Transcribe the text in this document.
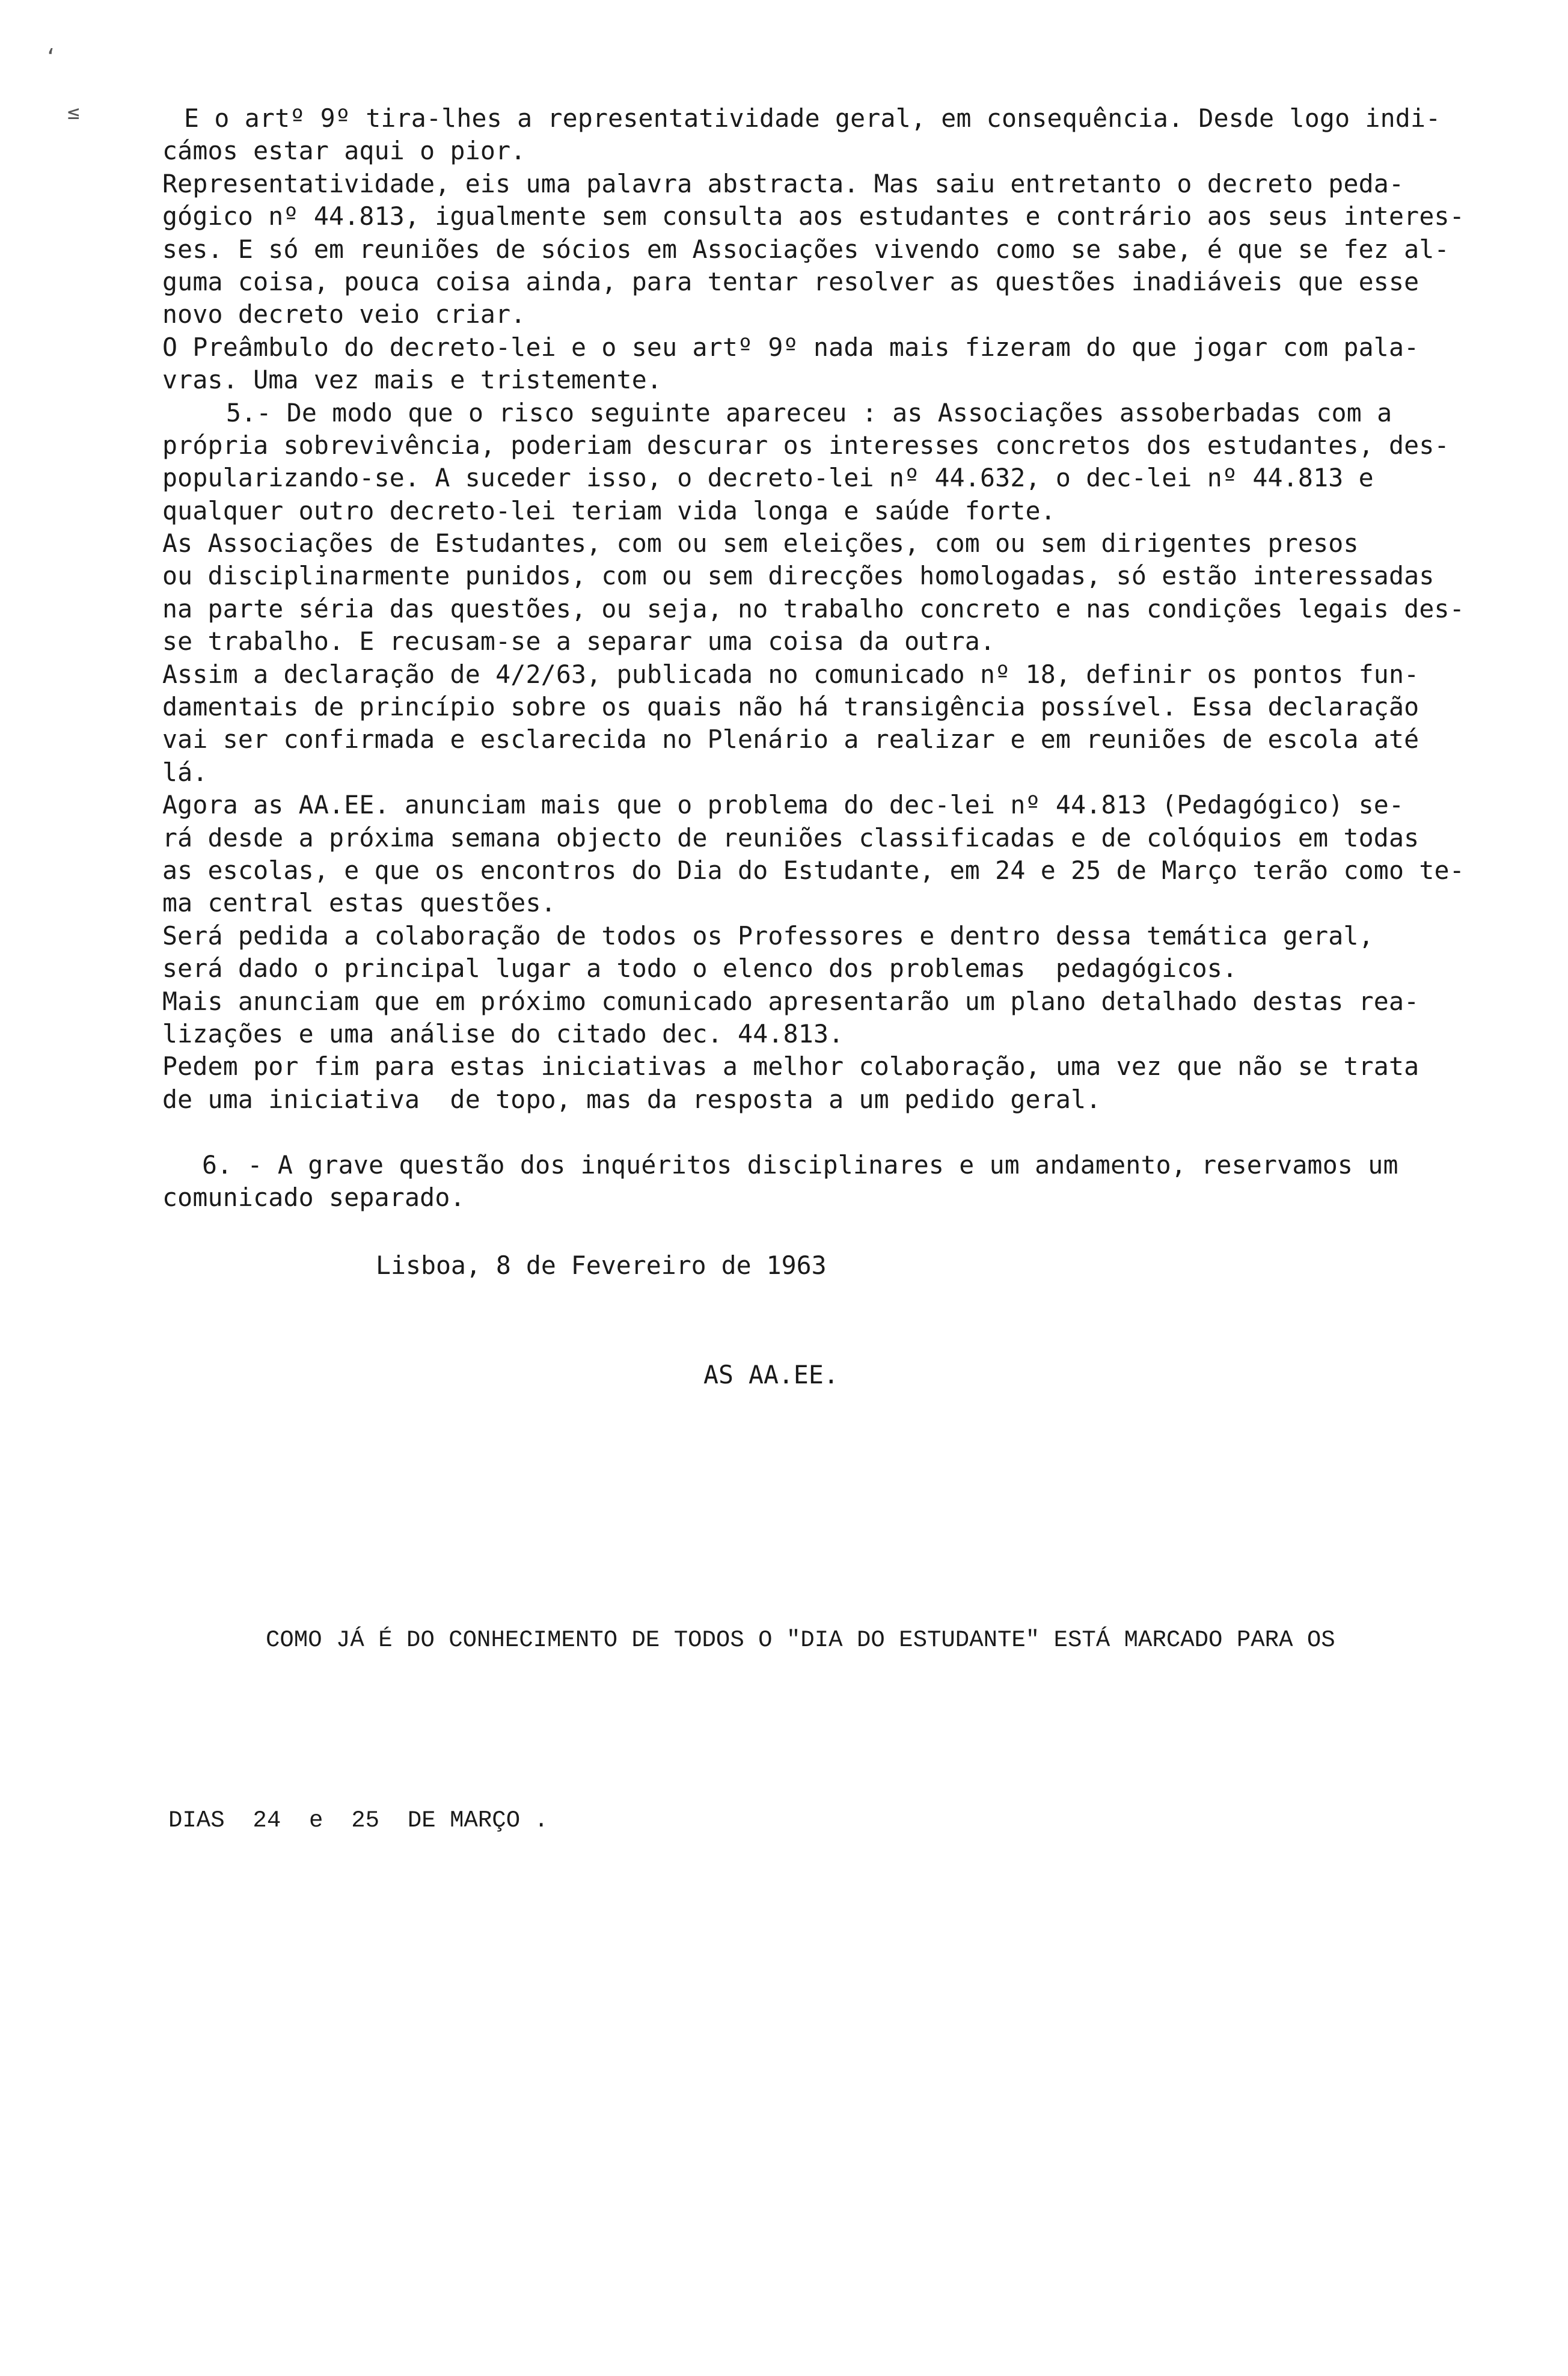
‘
≤	E o artº 9º tira-lhes a representatividade geral, em consequência. Desde logo indi-
cámos estar aqui o pior.
Representatividade, eis uma palavra abstracta. Mas saiu entretanto o decreto peda-
gógico nº 44.813, igualmente sem consulta aos estudantes e contrário aos seus interes-
ses. E só em reuniões de sócios em Associações vivendo como se sabe, é que se fez al-
guma coisa, pouca coisa ainda, para tentar resolver as questões inadiáveis que esse
novo decreto veio criar.
O Preâmbulo do decreto-lei e o seu artº 9º nada mais fizeram do que jogar com pala-
vras. Uma vez mais e tristemente.
5.- De modo que o risco seguinte apareceu : as Associações assoberbadas com a
própria sobrevivência, poderiam descurar os interesses concretos dos estudantes, des-
popularizando-se. A suceder isso, o decreto-lei nº 44.632, o dec-lei nº 44.813 e
qualquer outro decreto-lei teriam vida longa e saúde forte.
As Associações de Estudantes, com ou sem eleições, com ou sem dirigentes presos
ou disciplinarmente punidos, com ou sem direcções homologadas, só estão interessadas
na parte séria das questões, ou seja, no trabalho concreto e nas condições legais des-
se trabalho. E recusam-se a separar uma coisa da outra.
Assim a declaração de 4/2/63, publicada no comunicado nº 18, definir os pontos fun-
damentais de princípio sobre os quais não há transigência possível. Essa declaração
vai ser confirmada e esclarecida no Plenário a realizar e em reuniões de escola até
lá.
Agora as AA.EE. anunciam mais que o problema do dec-lei nº 44.813 (Pedagógico) se-
rá desde a próxima semana objecto de reuniões classificadas e de colóquios em todas
as escolas, e que os encontros do Dia do Estudante, em 24 e 25 de Março terão como te-
ma central estas questões.
Será pedida a colaboração de todos os Professores e dentro dessa temática geral,
será dado o principal lugar a todo o elenco dos problemas  pedagógicos.
Mais anunciam que em próximo comunicado apresentarão um plano detalhado destas rea-
lizações e uma análise do citado dec. 44.813.
Pedem por fim para estas iniciativas a melhor colaboração, uma vez que não se trata
de uma iniciativa  de topo, mas da resposta a um pedido geral.
6. - A grave questão dos inquéritos disciplinares e um andamento, reservamos um
comunicado separado.
Lisboa, 8 de Fevereiro de 1963
AS AA.EE.

COMO JÁ É DO CONHECIMENTO DE TODOS O "DIA DO ESTUDANTE" ESTÁ MARCADO PARA OS

DIAS  24  e  25  DE MARÇO .
